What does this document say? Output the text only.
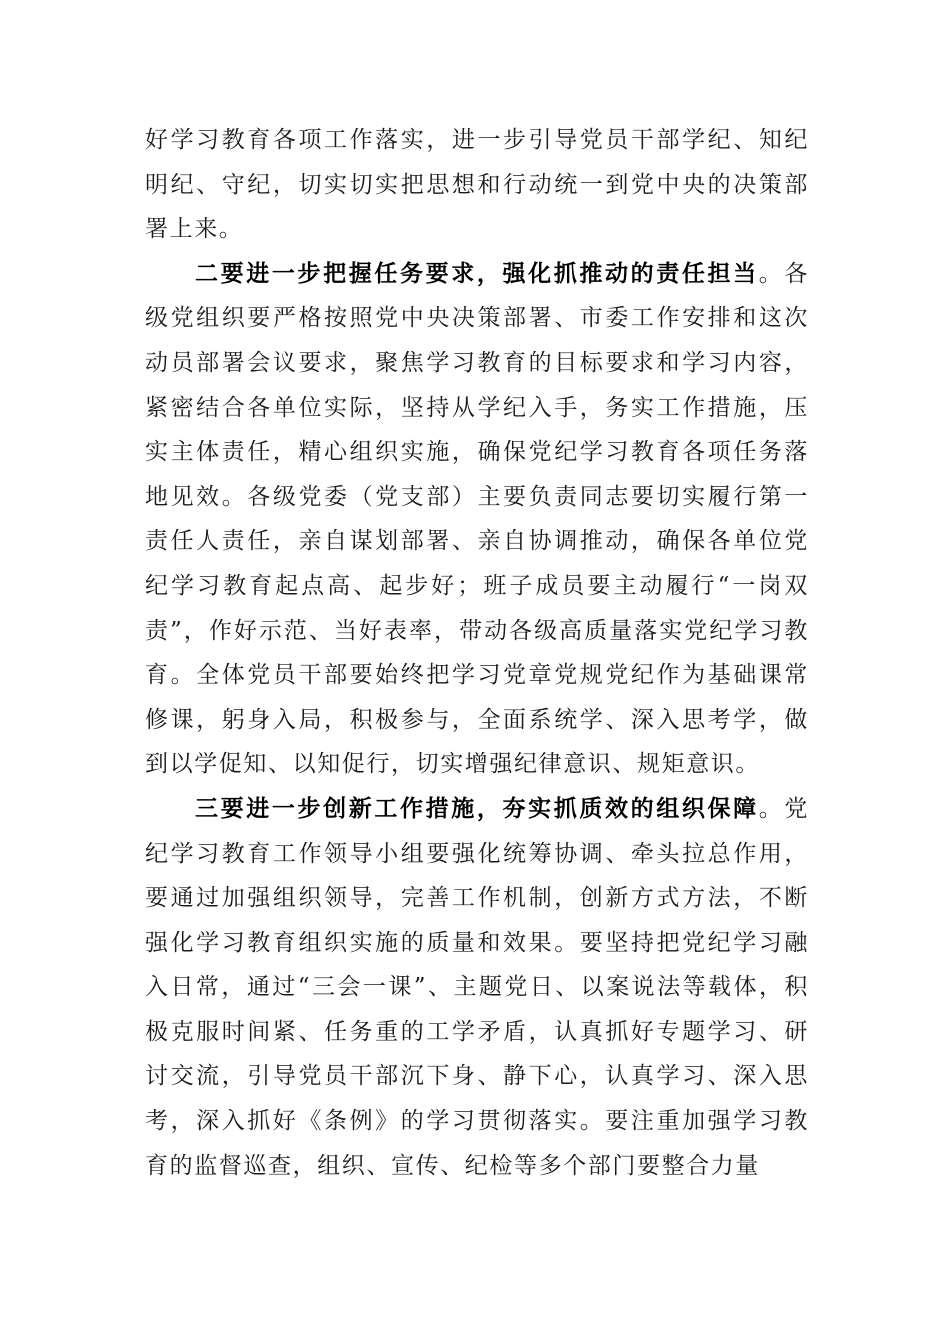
好学习教育各项工作落实，进一步引导党员干部学纪、知纪明纪、守纪，切实切实把思想和行动统一到党中央的决策部署上来。

二要进一步把握任务要求，强化抓推动的责任担当。各级党组织要严格按照党中央决策部署、市委工作安排和这次动员部署会议要求，聚焦学习教育的目标要求和学习内容，紧密结合各单位实际，坚持从学纪入手，务实工作措施，压实主体责任，精心组织实施，确保党纪学习教育各项任务落地见效。各级党委（党支部）主要负责同志要切实履行第一责任人责任，亲自谋划部署、亲自协调推动，确保各单位党纪学习教育起点高、起步好；班子成员要主动履行“一岗双责”，作好示范、当好表率，带动各级高质量落实党纪学习教育。全体党员干部要始终把学习党章党规党纪作为基础课常修课，躬身入局，积极参与，全面系统学、深入思考学，做到以学促知、以知促行，切实增强纪律意识、规矩意识。

三要进一步创新工作措施，夯实抓质效的组织保障。党纪学习教育工作领导小组要强化统筹协调、牵头拉总作用，要通过加强组织领导，完善工作机制，创新方式方法，不断强化学习教育组织实施的质量和效果。要坚持把党纪学习融入日常，通过“三会一课”、主题党日、以案说法等载体，积极克服时间紧、任务重的工学矛盾，认真抓好专题学习、研讨交流，引导党员干部沉下身、静下心，认真学习、深入思考，深入抓好《条例》的学习贯彻落实。要注重加强学习教育的监督巡查，组织、宣传、纪检等多个部门要整合力量
